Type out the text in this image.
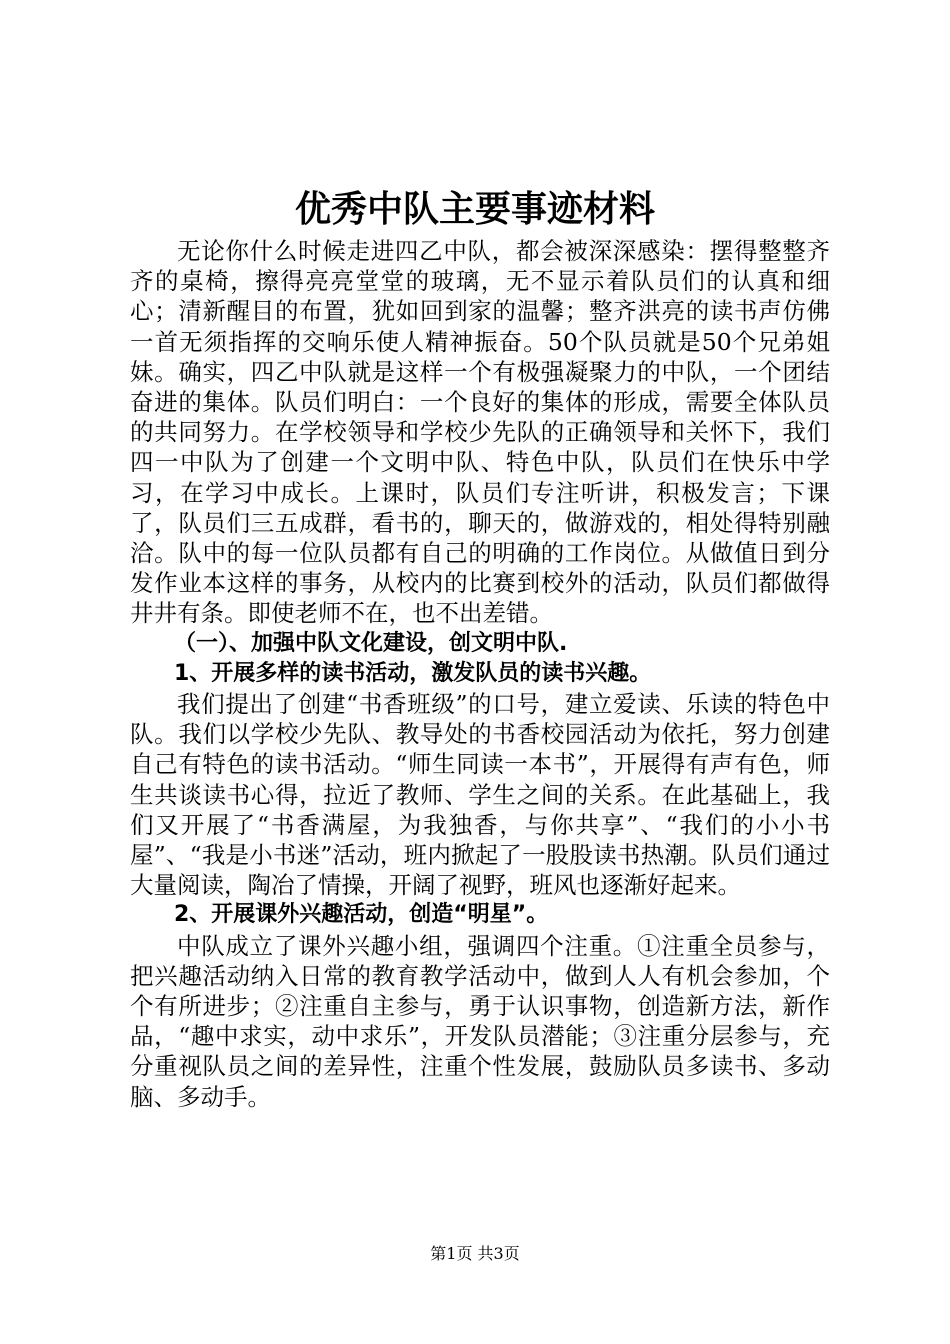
优秀中队主要事迹材料

无论你什么时候走进四乙中队，都会被深深感染：摆得整整齐齐的桌椅，擦得亮亮堂堂的玻璃，无不显示着队员们的认真和细心；清新醒目的布置，犹如回到家的温馨；整齐洪亮的读书声仿佛一首无须指挥的交响乐使人精神振奋。50个队员就是50个兄弟姐妹。确实，四乙中队就是这样一个有极强凝聚力的中队，一个团结奋进的集体。队员们明白：一个良好的集体的形成，需要全体队员的共同努力。在学校领导和学校少先队的正确领导和关怀下，我们四一中队为了创建一个文明中队、特色中队，队员们在快乐中学习，在学习中成长。上课时，队员们专注听讲，积极发言；下课了，队员们三五成群，看书的，聊天的，做游戏的，相处得特别融洽。队中的每一位队员都有自己的明确的工作岗位。从做值日到分发作业本这样的事务，从校内的比赛到校外的活动，队员们都做得井井有条。即使老师不在，也不出差错。

（一）、加强中队文化建设，创文明中队.

1、开展多样的读书活动，激发队员的读书兴趣。

我们提出了创建“书香班级”的口号，建立爱读、乐读的特色中队。我们以学校少先队、教导处的书香校园活动为依托，努力创建自己有特色的读书活动。“师生同读一本书”，开展得有声有色，师生共谈读书心得，拉近了教师、学生之间的关系。在此基础上，我们又开展了“书香满屋，为我独香，与你共享”、“我们的小小书屋”、“我是小书迷”活动，班内掀起了一股股读书热潮。队员们通过大量阅读，陶冶了情操，开阔了视野，班风也逐渐好起来。

2、开展课外兴趣活动，创造“明星”。

中队成立了课外兴趣小组，强调四个注重。①注重全员参与，把兴趣活动纳入日常的教育教学活动中，做到人人有机会参加，个个有所进步；②注重自主参与，勇于认识事物，创造新方法，新作品，“趣中求实，动中求乐”，开发队员潜能；③注重分层参与，充分重视队员之间的差异性，注重个性发展，鼓励队员多读书、多动脑、多动手。

第1页 共3页
